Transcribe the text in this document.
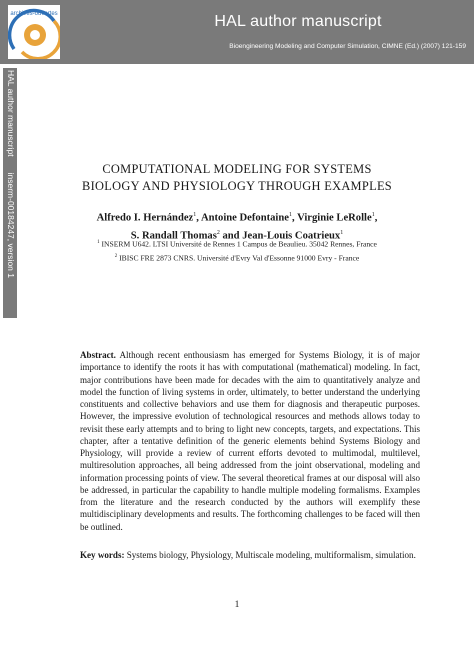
archives-ouvertes	HAL author manuscript
Bioengineering Modeling and Computer Simulation, CIMNE (Ed.) (2007) 121-159
HAL author manuscriptinserm-00184247, version 1
COMPUTATIONAL MODELING FOR SYSTEMS
BIOLOGY AND PHYSIOLOGY THROUGH EXAMPLES
Alfredo I. Hernández$^1$, Antoine Defontaine$^1$, Virginie LeRolle$^1$,
S. Randall Thomas$^2$ and Jean-Louis Coatrieux$^1$
$^1$ INSERM U642. LTSI Université de Rennes 1 Campus de Beaulieu. 35042 Rennes, France
$^2$ IBISC FRE 2873 CNRS. Université d'Evry Val d'Essonne 91000 Evry - France
Abstract. Although recent enthousiasm has emerged for Systems Biology, it is of major importance to identify the roots it has with computational (mathematical) modeling. In fact, major contributions have been made for decades with the aim to quantitatively analyze and model the function of living systems in order, ultimately, to better understand the underlying constituents and collective behaviors and use them for diagnosis and therapeutic purposes. However, the impressive evolution of technological resources and methods allows today to revisit these early attempts and to bring to light new concepts, targets, and expectations. This chapter, after a tentative definition of the generic elements behind Systems Biology and Physiology, will provide a review of current efforts devoted to multimodal, multilevel, multiresolution approaches, all being addressed from the joint observational, modeling and information processing points of view. The several theoretical frames at our disposal will also be addressed, in particular the capability to handle multiple modeling formalisms. Examples from the literature and the research conducted by the authors will exemplify these multidisciplinary developments and results. The forthcoming challenges to be faced will then be outlined.
Key words: Systems biology, Physiology, Multiscale modeling, multiformalism, simulation.
1
